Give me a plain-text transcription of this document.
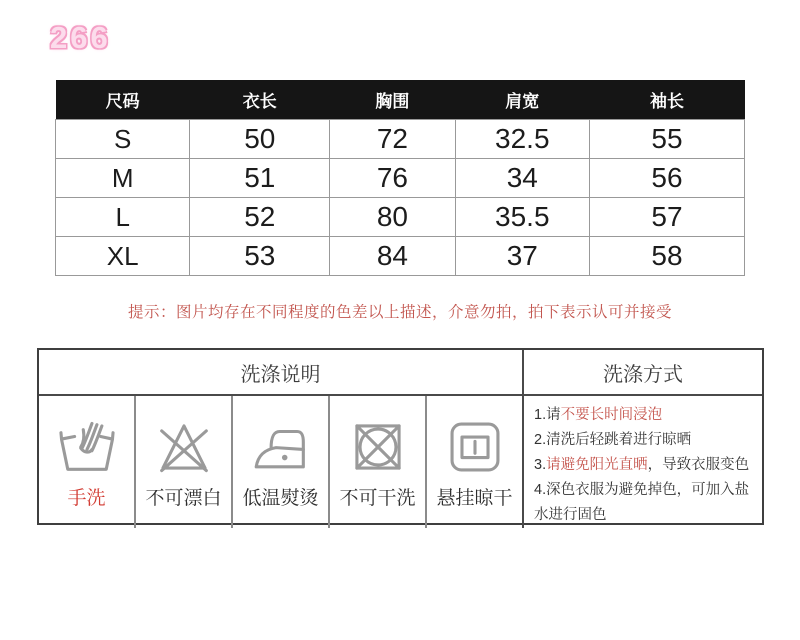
266
尺码	衣长	胸围	肩宽	袖长
S	50	72	32.5	55
M	51	76	34	56
L	52	80	35.5	57
XL	53	84	37	58
提示：图片均存在不同程度的色差以上描述，介意勿拍，拍下表示认可并接受
洗涤说明	洗涤方式
手洗 不可漂白 低温熨烫 不可干洗 悬挂晾干
1.请不要长时间浸泡
2.清洗后轻跳着进行晾晒
3.请避免阳光直晒，导致衣服变色
4.深色衣服为避免掉色，可加入盐水进行固色
